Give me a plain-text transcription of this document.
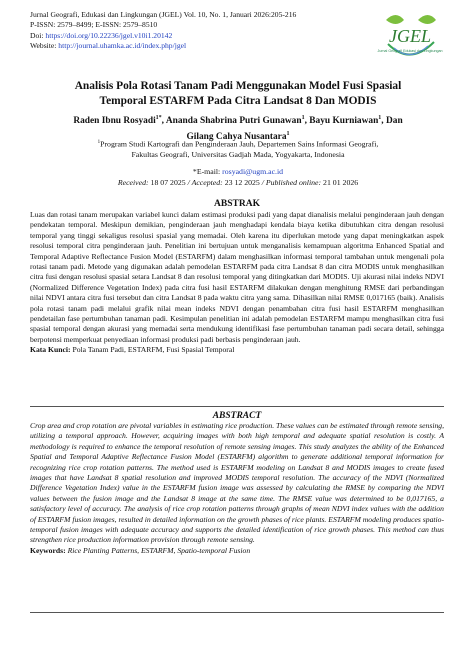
Jurnal Geografi, Edukasi dan Lingkungan (JGEL) Vol. 10, No. 1, Januari 2026:205-216
P-ISSN: 2579–8499; E-ISSN: 2579–8510
Doi: https://doi.org/10.22236/jgel.v10i1.20142
Website: http://journal.uhamka.ac.id/index.php/jgel	JGEL
Jurnal Geografi Edukasi dan Lingkungan
Analisis Pola Rotasi Tanam Padi Menggunakan Model Fusi Spasial
Temporal ESTARFM Pada Citra Landsat 8 Dan MODIS
Raden Ibnu Rosyadi$^{1*}$, Ananda Shabrina Putri Gunawan$^1$, Bayu Kurniawan$^1$, Dan
Gilang Cahya Nusantara$^1$
$^1$Program Studi Kartografi dan Penginderaan Jauh, Departemen Sains Informasi Geografi,
Fakultas Geografi, Universitas Gadjah Mada, Yogyakarta, Indonesia
*E-mail: rosyadi@ugm.ac.id
Received: 18 07 2025 / Accepted: 23 12 2025 / Published online: 21 01 2026
ABSTRAK
Luas dan rotasi tanam merupakan variabel kunci dalam estimasi produksi padi yang dapat dianalisis melalui penginderaan jauh dengan pendekatan temporal. Meskipun demikian, penginderaan jauh menghadapi kendala biaya ketika dibutuhkan citra dengan resolusi temporal yang tinggi sekaligus resolusi spasial yang memadai. Oleh karena itu diperlukan metode yang dapat meningkatkan aspek resolusi temporal citra penginderaan jauh. Penelitian ini bertujuan untuk menganalisis kemampuan algoritma Enhanced Spatial and Temporal Adaptive Reflectance Fusion Model (ESTARFM) dalam menghasilkan informasi temporal tambahan untuk mengenali pola rotasi tanam padi. Metode yang digunakan adalah pemodelan ESTARFM pada citra Landsat 8 dan citra MODIS untuk menghasilkan citra fusi dengan resolusi spasial setara Landsat 8 dan resolusi temporal yang ditingkatkan dari MODIS. Uji akurasi nilai indeks NDVI (Normalized Difference Vegetation Index) pada citra fusi hasil ESTARFM dilakukan dengan menghitung RMSE dari perbandingan nilai NDVI antara citra fusi tersebut dan citra Landsat 8 pada waktu citra yang sama. Dihasilkan nilai RMSE 0,017165 (baik). Analisis pola rotasi tanam padi melalui grafik nilai mean indeks NDVI dengan penambahan citra fusi hasil ESTARFM menghasilkan pendetailan fase pertumbuhan tanaman padi. Kesimpulan penelitian ini adalah pemodelan ESTARFM mampu menghasilkan citra fusi spasial temporal dengan akurasi yang memadai serta mendukung identifikasi fase pertumbuhan tanaman padi secara detail, sehingga berpotensi memperkuat penyediaan informasi produksi padi berbasis penginderaan jauh.
Kata Kunci: Pola Tanam Padi, ESTARFM, Fusi Spasial Temporal
ABSTRACT
Crop area and crop rotation are pivotal variables in estimating rice production. These values can be estimated through remote sensing, utilizing a temporal approach. However, acquiring images with both high temporal and adequate spatial resolution is costly. A methodology is required to enhance the temporal resolution of remote sensing images. This study analyzes the ability of the Enhanced Spatial and Temporal Adaptive Reflectance Fusion Model (ESTARFM) algorithm to generate additional temporal information for recognizing rice crop rotation patterns. The method used is ESTARFM modeling on Landsat 8 and MODIS images to create fused images that have Landsat 8 spatial resolution and improved MODIS temporal resolution. The accuracy of the NDVI (Normalized Difference Vegetation Index) value in the ESTARFM fusion image was assessed by calculating the RMSE by comparing the NDVI values between the fusion image and the Landsat 8 image at the same time. The RMSE value was determined to be 0,017165, a satisfactory level of accuracy. The analysis of rice crop rotation patterns through graphs of mean NDVI index values with the addition of ESTARFM fusion images, resulted in detailed information on the growth phases of rice plants. ESTARFM modeling produces spatio-temporal fusion images with adequate accuracy and supports the detailed identification of rice growth phases. This method can thus strengthen rice production information provision through remote sensing.
Keywords: Rice Planting Patterns, ESTARFM, Spatio-temporal Fusion
